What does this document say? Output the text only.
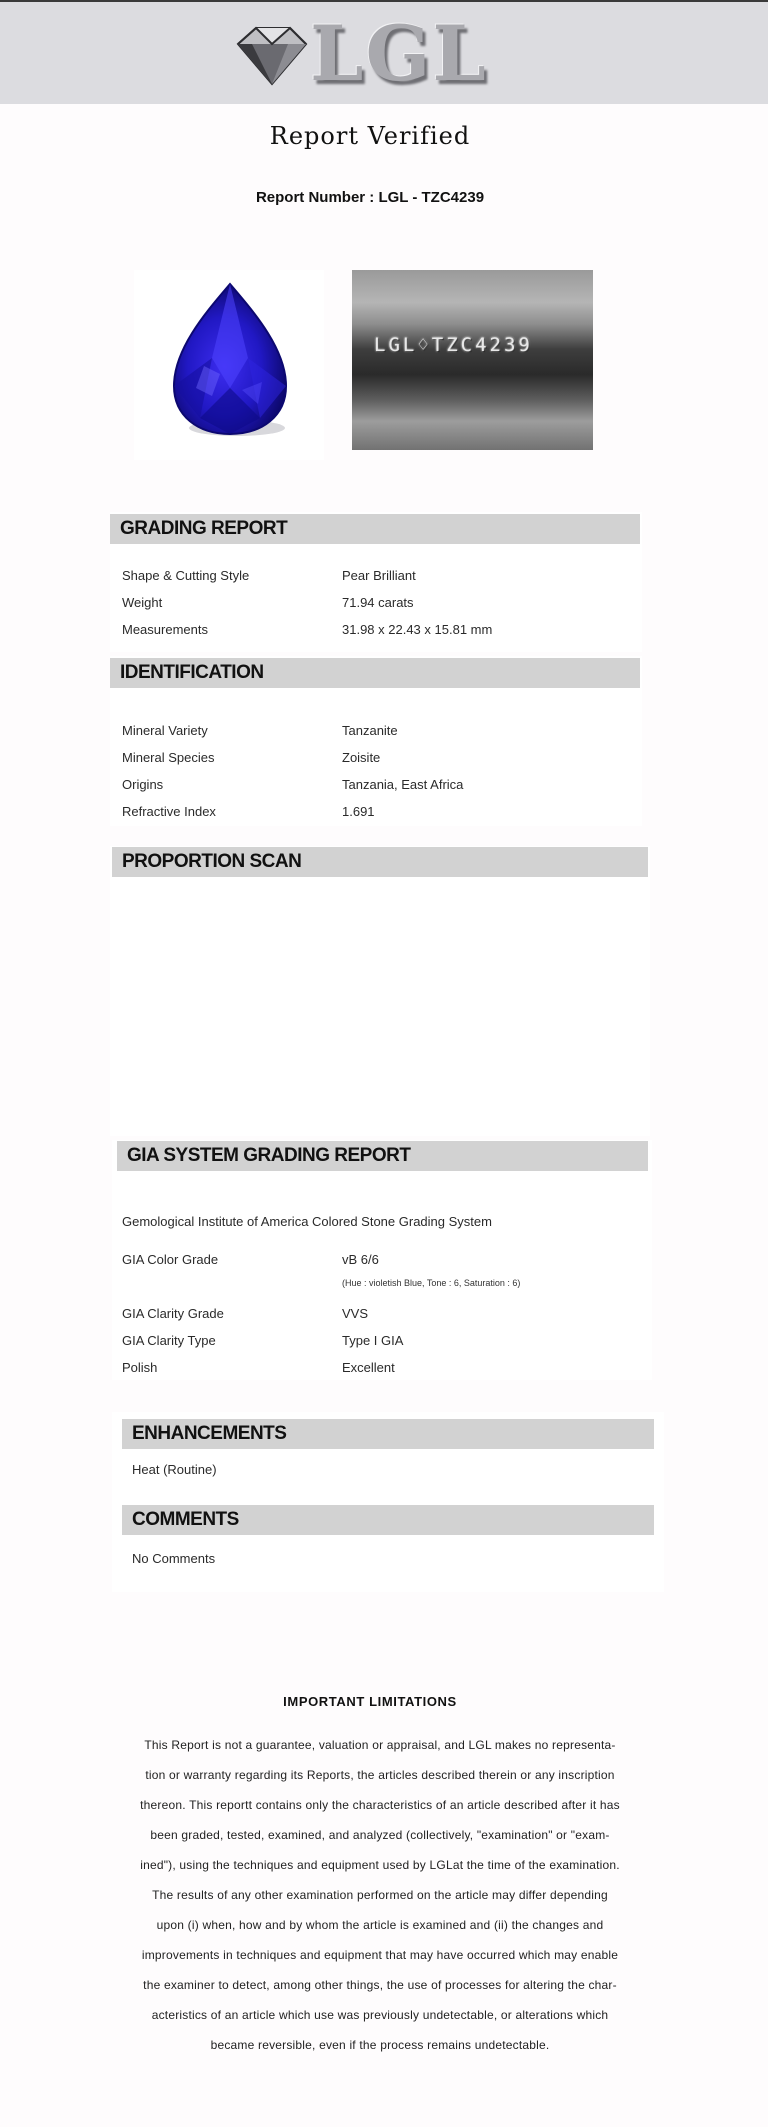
LGL
Report Verified
Report Number : LGL - TZC4239
LGL♢TZC4239
GRADING REPORT
Shape & Cutting Style	Pear Brilliant
Weight	71.94 carats
Measurements	31.98 x 22.43 x 15.81 mm
IDENTIFICATION
Mineral Variety	Tanzanite
Mineral Species	Zoisite
Origins	Tanzania, East Africa
Refractive Index	1.691
PROPORTION SCAN
GIA SYSTEM GRADING REPORT
Gemological Institute of America Colored Stone Grading System
GIA Color Grade	vB 6/6
(Hue : violetish Blue, Tone : 6, Saturation : 6)
GIA Clarity Grade	VVS
GIA Clarity Type	Type I GIA
Polish	Excellent
ENHANCEMENTS
Heat (Routine)
COMMENTS
No Comments
IMPORTANT LIMITATIONS
This Report is not a guarantee, valuation or appraisal, and LGL makes no representa-
tion or warranty regarding its Reports, the articles described therein or any inscription
thereon. This reportt contains only the characteristics of an article described after it has
been graded, tested, examined, and analyzed (collectively, "examination" or "exam-
ined"), using the techniques and equipment used by LGLat the time of the examination.
The results of any other examination performed on the article may differ depending
upon (i) when, how and by whom the article is examined and (ii) the changes and
improvements in techniques and equipment that may have occurred which may enable
the examiner to detect, among other things, the use of processes for altering the char-
acteristics of an article which use was previously undetectable, or alterations which
became reversible, even if the process remains undetectable.
